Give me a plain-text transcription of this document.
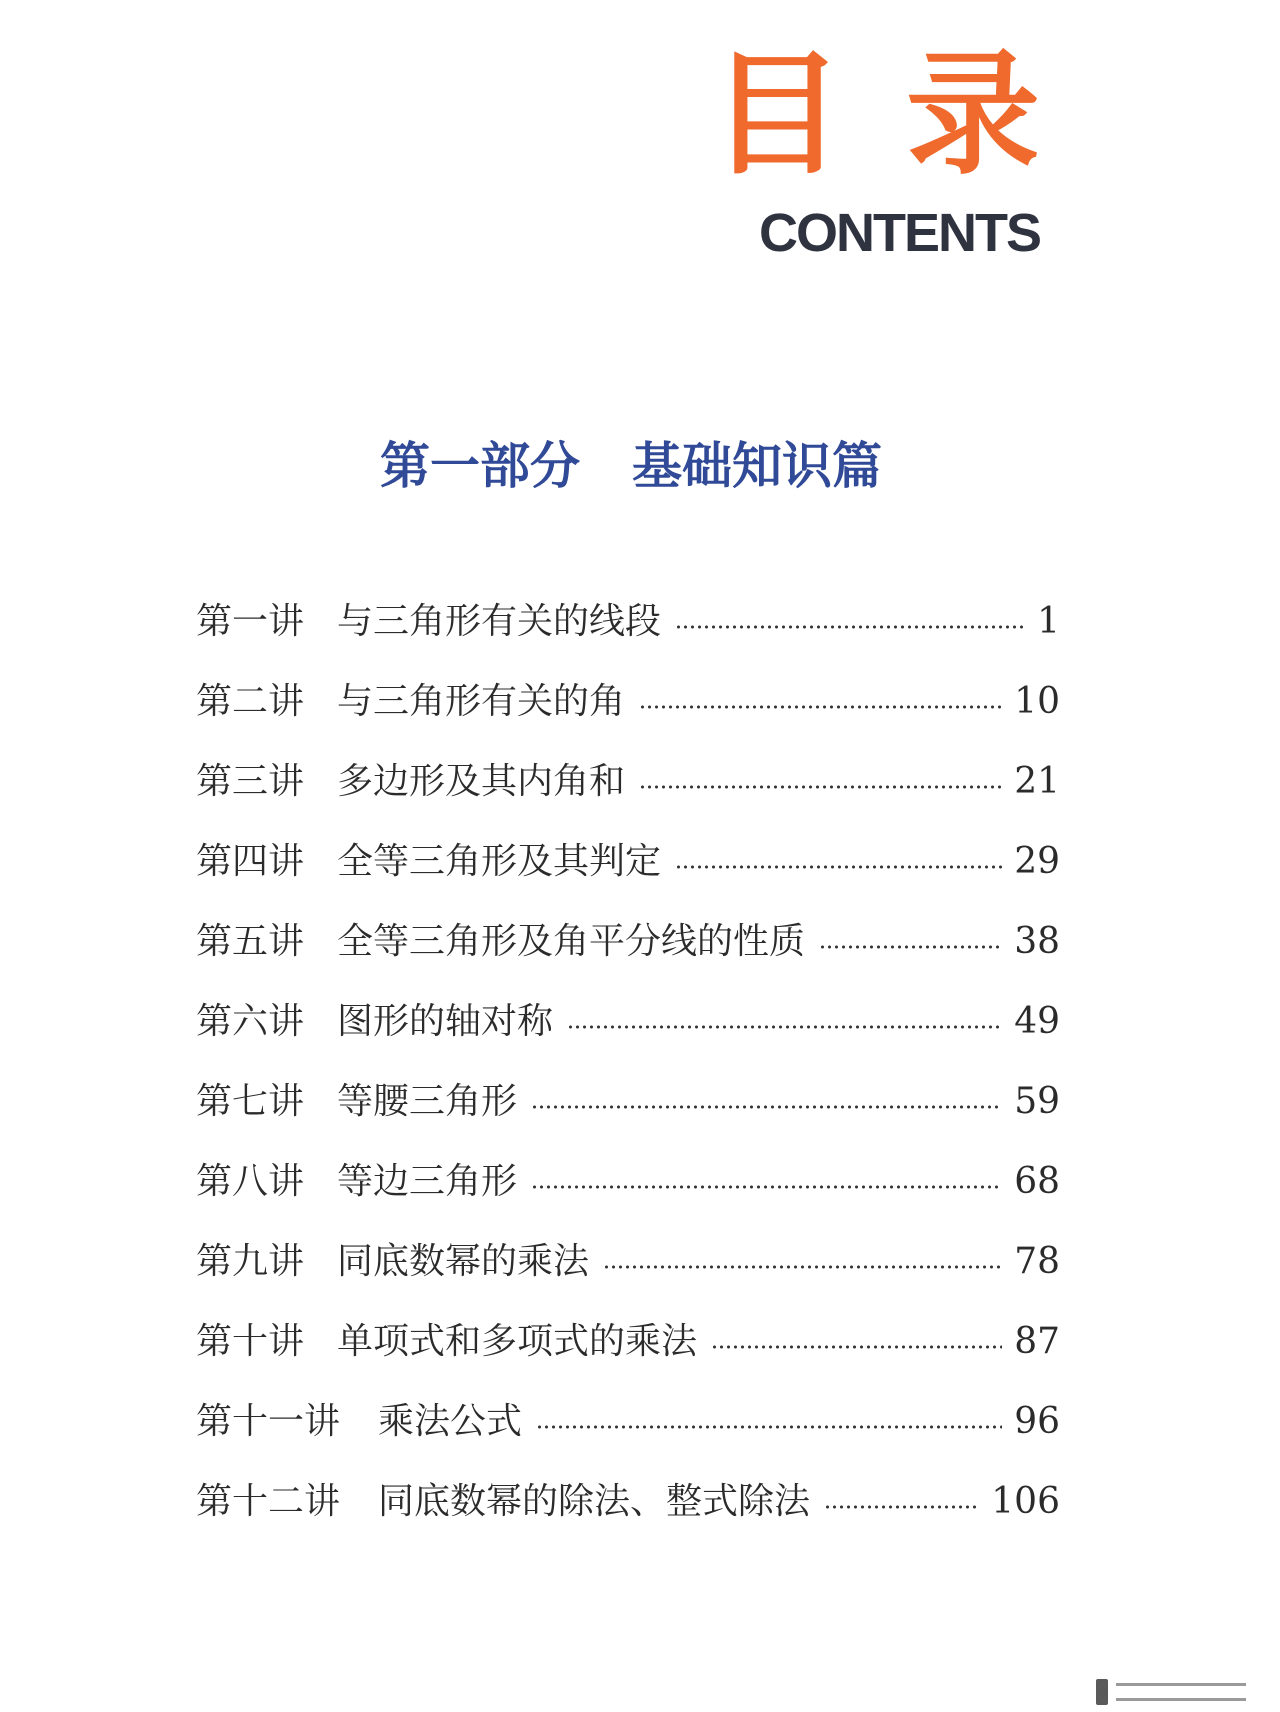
目录
CONTENTS
第一部分 基础知识篇
第一讲 与三角形有关的线段	1
第二讲 与三角形有关的角	10
第三讲 多边形及其内角和	21
第四讲 全等三角形及其判定	29
第五讲 全等三角形及角平分线的性质	38
第六讲 图形的轴对称	49
第七讲 等腰三角形	59
第八讲 等边三角形	68
第九讲 同底数幂的乘法	78
第十讲 单项式和多项式的乘法	87
第十一讲	乘法公式	96
第十二讲	同底数幂的除法、整式除法	106
